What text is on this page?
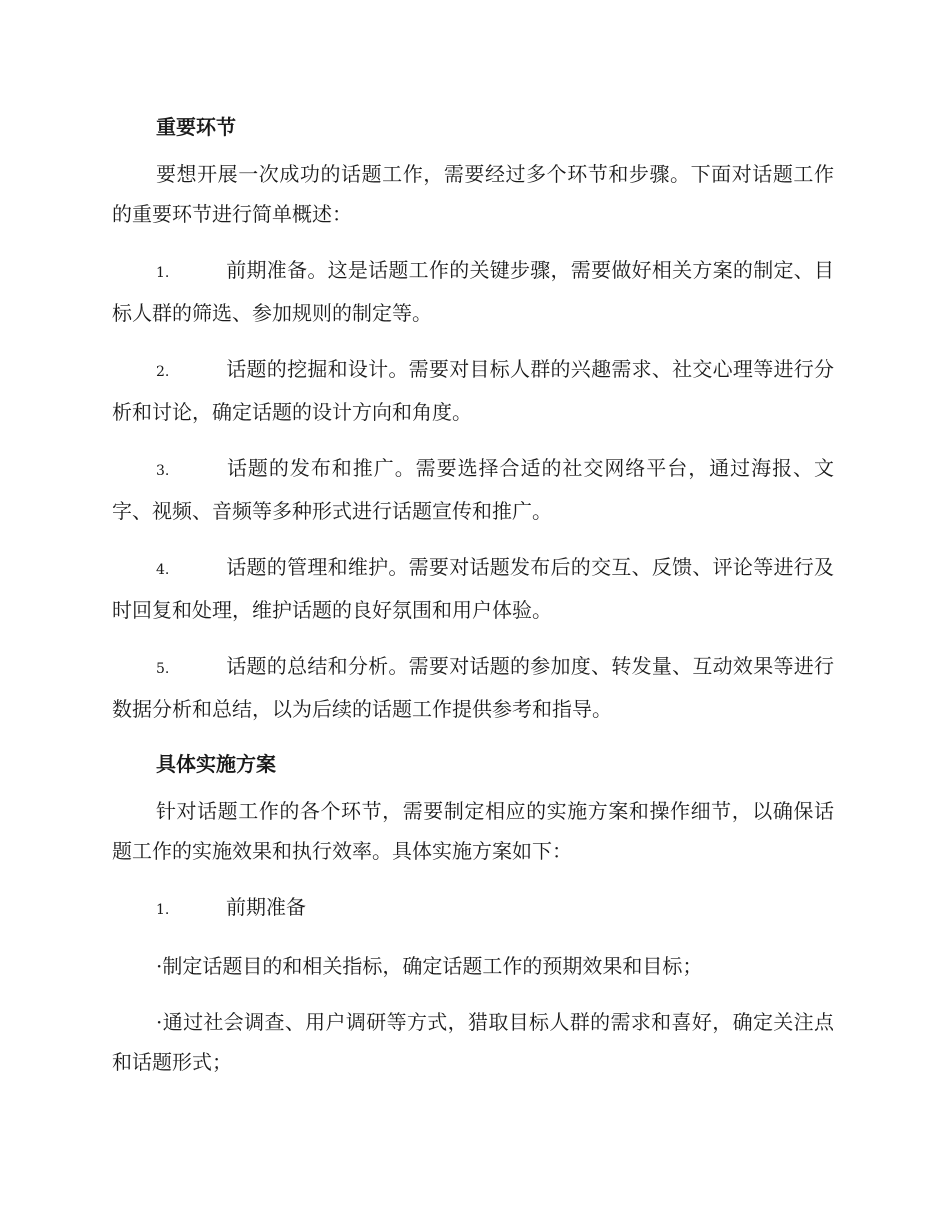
重要环节

要想开展一次成功的话题工作，需要经过多个环节和步骤。下面对话题工作的重要环节进行简单概述：

1.	前期准备。这是话题工作的关键步骤，需要做好相关方案的制定、目标人群的筛选、参加规则的制定等。

2.	话题的挖掘和设计。需要对目标人群的兴趣需求、社交心理等进行分析和讨论，确定话题的设计方向和角度。

3.	话题的发布和推广。需要选择合适的社交网络平台，通过海报、文字、视频、音频等多种形式进行话题宣传和推广。

4.	话题的管理和维护。需要对话题发布后的交互、反馈、评论等进行及时回复和处理，维护话题的良好氛围和用户体验。

5.	话题的总结和分析。需要对话题的参加度、转发量、互动效果等进行数据分析和总结，以为后续的话题工作提供参考和指导。

具体实施方案

针对话题工作的各个环节，需要制定相应的实施方案和操作细节，以确保话题工作的实施效果和执行效率。具体实施方案如下：

1.	前期准备

·制定话题目的和相关指标，确定话题工作的预期效果和目标；

·通过社会调查、用户调研等方式，猎取目标人群的需求和喜好，确定关注点和话题形式；
